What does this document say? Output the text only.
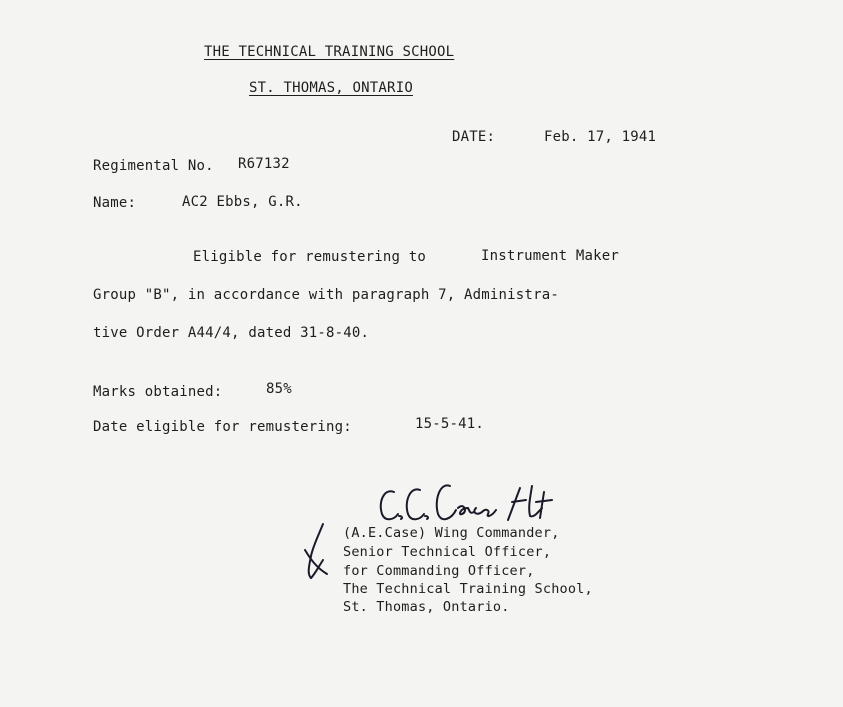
THE TECHNICAL TRAINING SCHOOL
ST. THOMAS, ONTARIO
DATE:	Feb. 17, 1941
Regimental No. R67132
Name:	AC2 Ebbs, G.R.
Eligible for remustering to	Instrument Maker
Group "B", in accordance with paragraph 7, Administra-
tive Order A44/4, dated 31-8-40.
Marks obtained:	85%
Date eligible for remustering:	15-5-41.
(A.E.Case) Wing Commander,
Senior Technical Officer,
for Commanding Officer,
The Technical Training School,
St. Thomas, Ontario.
